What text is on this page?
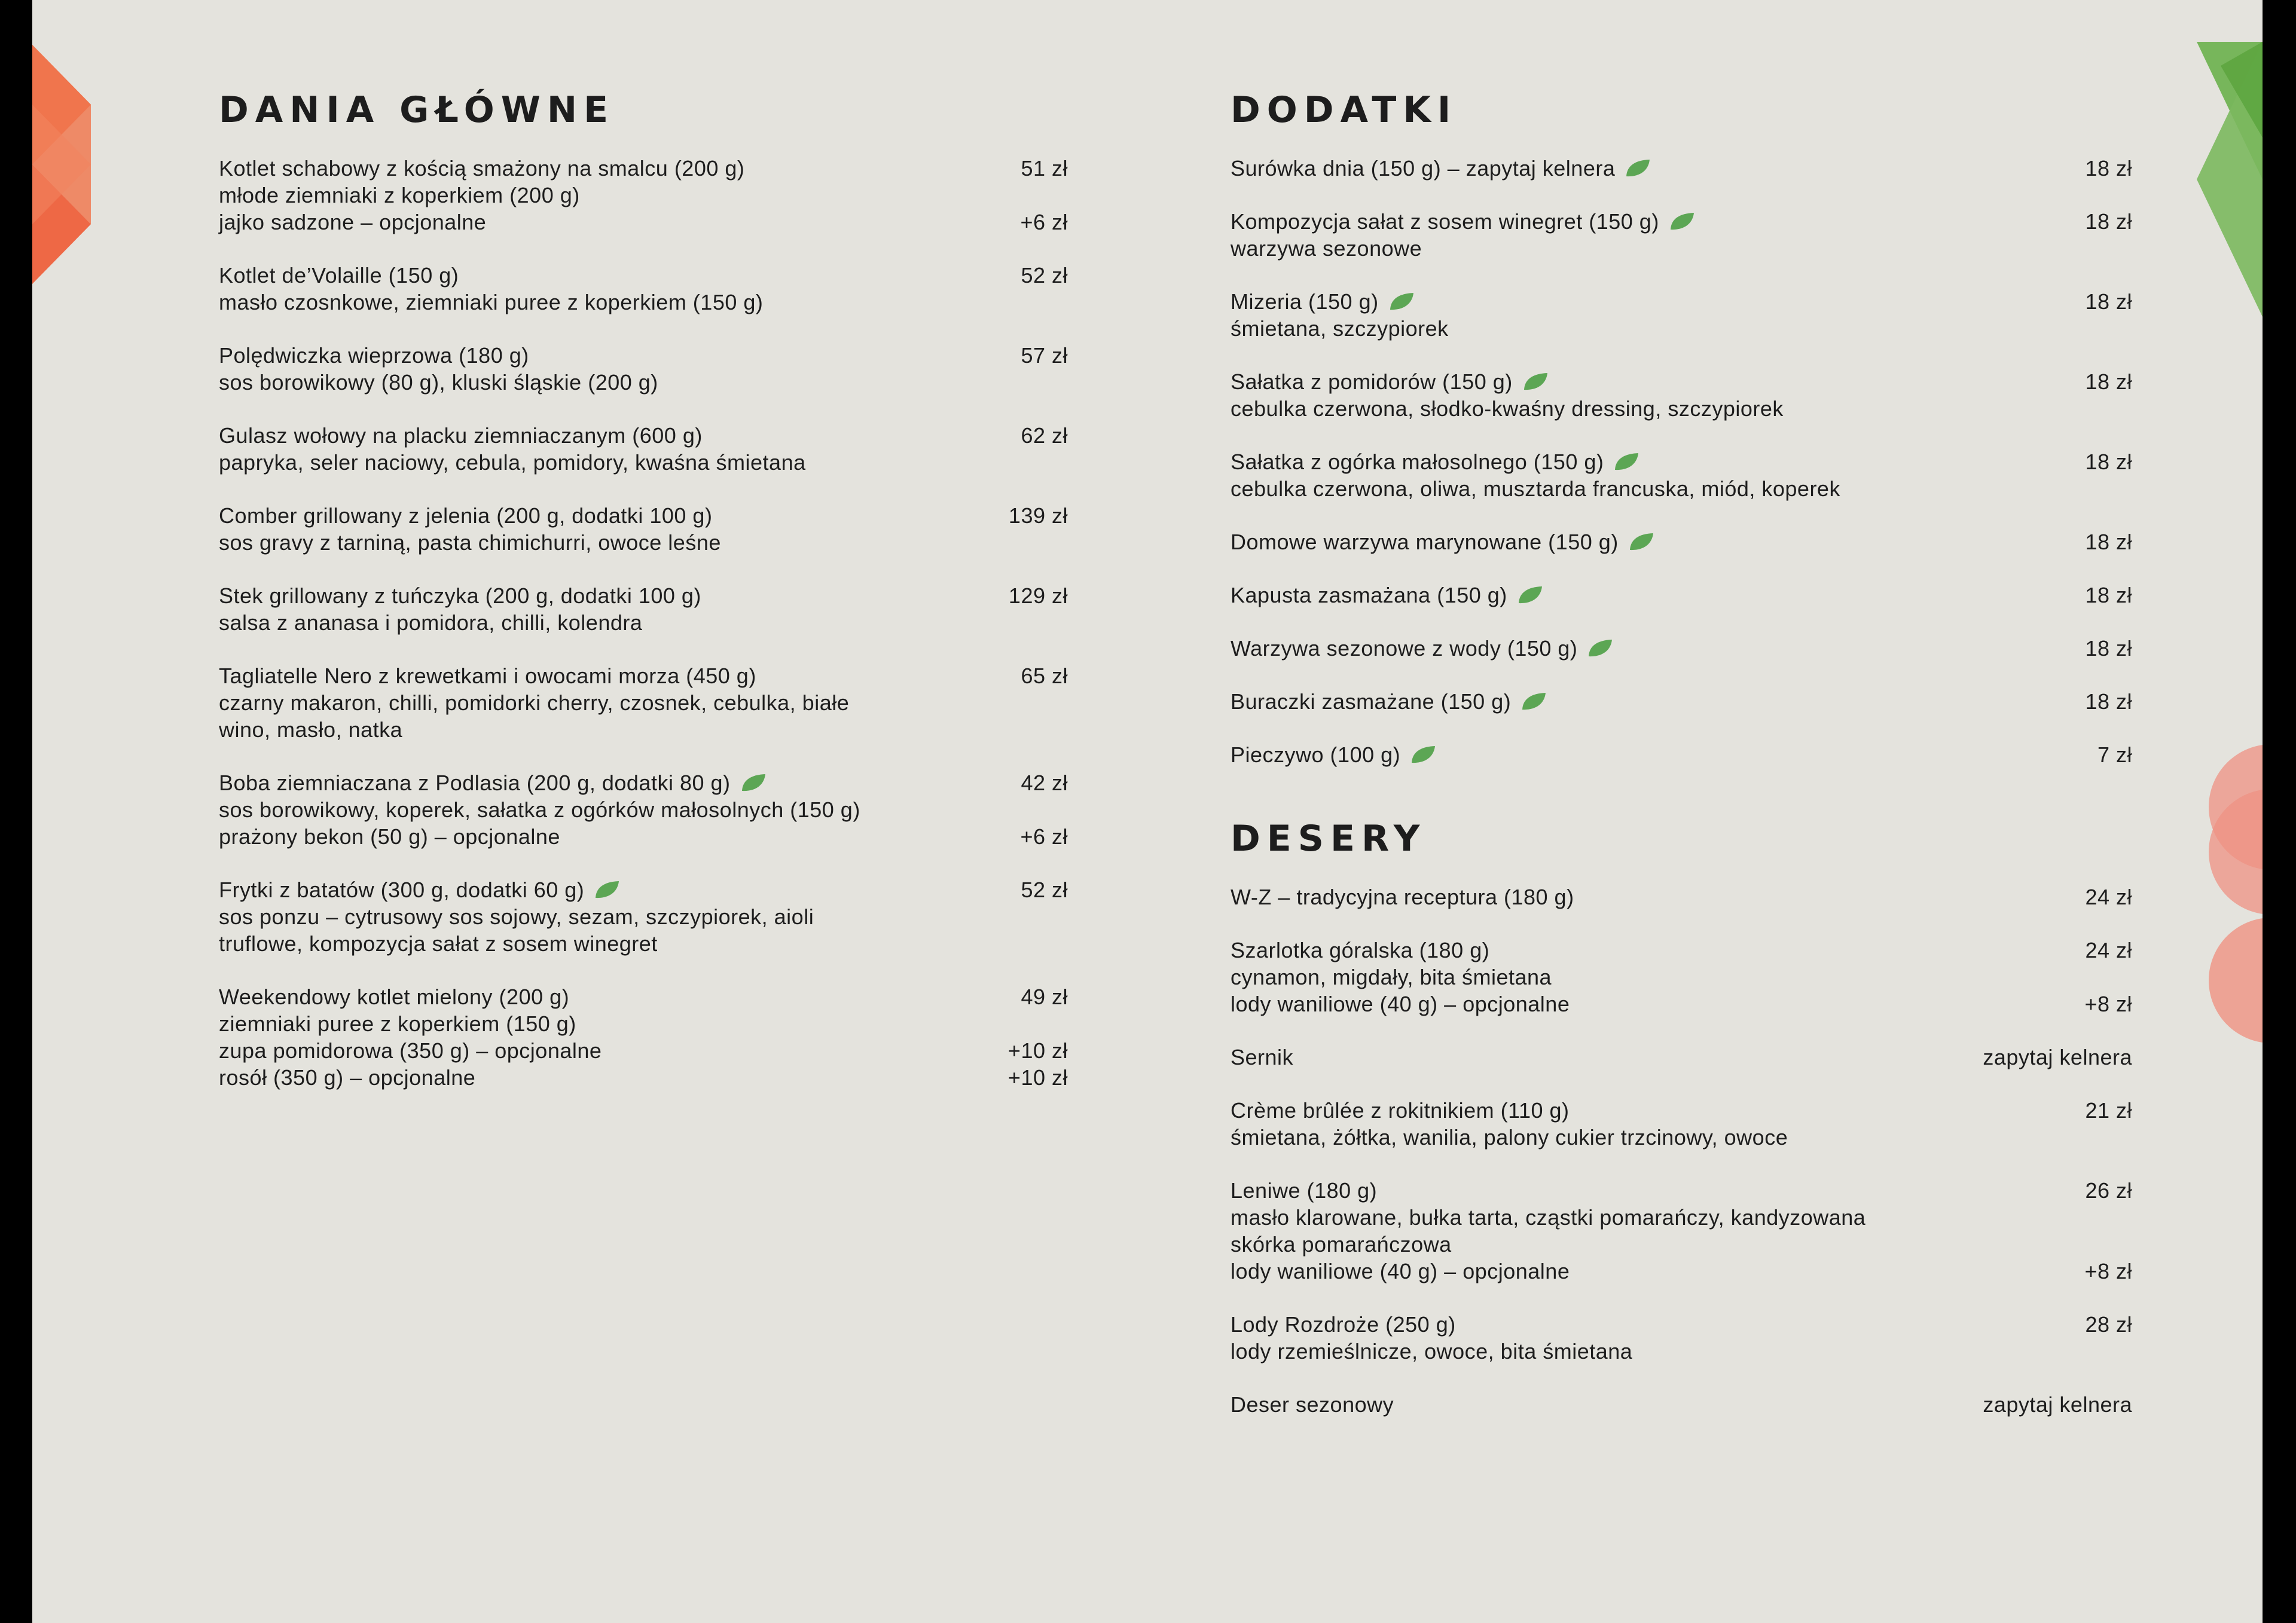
DANIA GŁÓWNE
Kotlet schabowy z kością smażony na smalcu (200 g)	51 zł
młode ziemniaki z koperkiem (200 g)
jajko sadzone – opcjonalne	+6 zł
Kotlet de’Volaille (150 g)	52 zł
masło czosnkowe, ziemniaki puree z koperkiem (150 g)
Polędwiczka wieprzowa (180 g)	57 zł
sos borowikowy (80 g), kluski śląskie (200 g)
Gulasz wołowy na placku ziemniaczanym (600 g)	62 zł
papryka, seler naciowy, cebula, pomidory, kwaśna śmietana
Comber grillowany z jelenia (200 g, dodatki 100 g)	139 zł
sos gravy z tarniną, pasta chimichurri, owoce leśne
Stek grillowany z tuńczyka (200 g, dodatki 100 g)	129 zł
salsa z ananasa i pomidora, chilli, kolendra
Tagliatelle Nero z krewetkami i owocami morza (450 g)	65 zł
czarny makaron, chilli, pomidorki cherry, czosnek, cebulka, białe
wino, masło, natka
Boba ziemniaczana z Podlasia (200 g, dodatki 80 g)	42 zł
sos borowikowy, koperek, sałatka z ogórków małosolnych (150 g)
prażony bekon (50 g) – opcjonalne	+6 zł
Frytki z batatów (300 g, dodatki 60 g)	52 zł
sos ponzu – cytrusowy sos sojowy, sezam, szczypiorek, aioli
truflowe, kompozycja sałat z sosem winegret
Weekendowy kotlet mielony (200 g)	49 zł
ziemniaki puree z koperkiem (150 g)
zupa pomidorowa (350 g) – opcjonalne	+10 zł
rosół (350 g) – opcjonalne	+10 zł
DODATKI
Surówka dnia (150 g) – zapytaj kelnera	18 zł
Kompozycja sałat z sosem winegret (150 g)	18 zł
warzywa sezonowe
Mizeria (150 g)	18 zł
śmietana, szczypiorek
Sałatka z pomidorów (150 g)	18 zł
cebulka czerwona, słodko-kwaśny dressing, szczypiorek
Sałatka z ogórka małosolnego (150 g)	18 zł
cebulka czerwona, oliwa, musztarda francuska, miód, koperek
Domowe warzywa marynowane (150 g)	18 zł
Kapusta zasmażana (150 g)	18 zł
Warzywa sezonowe z wody (150 g)	18 zł
Buraczki zasmażane (150 g)	18 zł
Pieczywo (100 g)	7 zł
DESERY
W-Z – tradycyjna receptura (180 g)	24 zł
Szarlotka góralska (180 g)	24 zł
cynamon, migdały, bita śmietana
lody waniliowe (40 g) – opcjonalne	+8 zł
Sernik	zapytaj kelnera
Crème brûlée z rokitnikiem (110 g)	21 zł
śmietana, żółtka, wanilia, palony cukier trzcinowy, owoce
Leniwe (180 g)	26 zł
masło klarowane, bułka tarta, cząstki pomarańczy, kandyzowana
skórka pomarańczowa
lody waniliowe (40 g) – opcjonalne	+8 zł
Lody Rozdroże (250 g)	28 zł
lody rzemieślnicze, owoce, bita śmietana
Deser sezonowy	zapytaj kelnera
